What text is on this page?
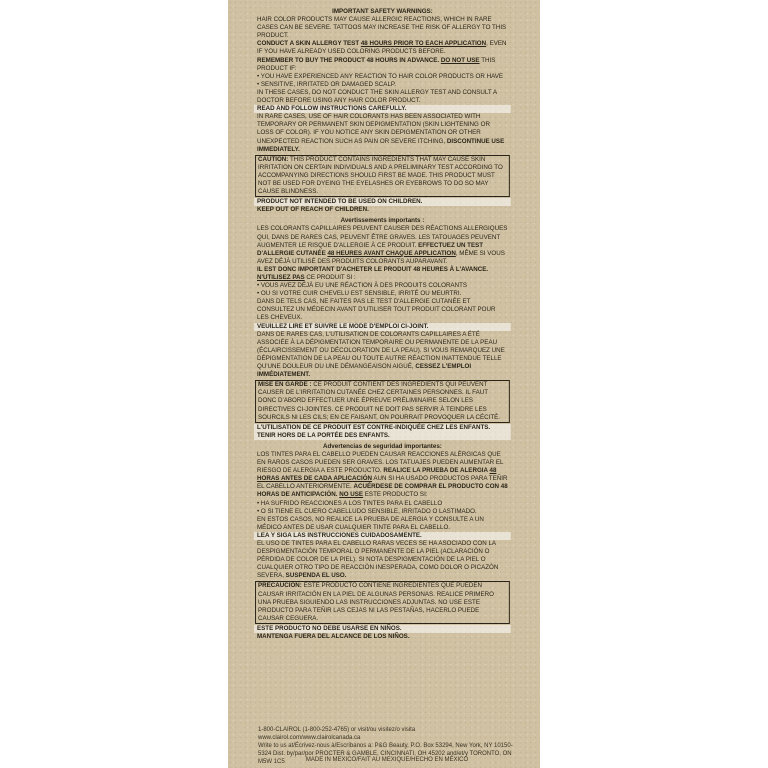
IMPORTANT SAFETY WARNINGS:

HAIR COLOR PRODUCTS MAY CAUSE ALLERGIC REACTIONS, WHICH IN RARE CASES CAN BE SEVERE. TATTOOS MAY INCREASE THE RISK OF ALLERGY TO THIS PRODUCT.

CONDUCT A SKIN ALLERGY TEST 48 HOURS PRIOR TO EACH APPLICATION, EVEN IF YOU HAVE ALREADY USED COLORING PRODUCTS BEFORE.

REMEMBER TO BUY THE PRODUCT 48 HOURS IN ADVANCE. DO NOT USE THIS PRODUCT IF:

• YOU HAVE EXPERIENCED ANY REACTION TO HAIR COLOR PRODUCTS OR HAVE

• SENSITIVE, IRRITATED OR DAMAGED SCALP.

IN THESE CASES, DO NOT CONDUCT THE SKIN ALLERGY TEST AND CONSULT A DOCTOR BEFORE USING ANY HAIR COLOR PRODUCT.

READ AND FOLLOW INSTRUCTIONS CAREFULLY.

IN RARE CASES, USE OF HAIR COLORANTS HAS BEEN ASSOCIATED WITH TEMPORARY OR PERMANENT SKIN DEPIGMENTATION (SKIN LIGHTENING OR LOSS OF COLOR). IF YOU NOTICE ANY SKIN DEPIGMENTATION OR OTHER UNEXPECTED REACTION SUCH AS PAIN OR SEVERE ITCHING, DISCONTINUE USE IMMEDIATELY.

CAUTION: THIS PRODUCT CONTAINS INGREDIENTS THAT MAY CAUSE SKIN IRRITATION ON CERTAIN INDIVIDUALS AND A PRELIMINARY TEST ACCORDING TO ACCOMPANYING DIRECTIONS SHOULD FIRST BE MADE. THIS PRODUCT MUST NOT BE USED FOR DYEING THE EYELASHES OR EYEBROWS TO DO SO MAY CAUSE BLINDNESS.

PRODUCT NOT INTENDED TO BE USED ON CHILDREN.

KEEP OUT OF REACH OF CHILDREN.

Avertissements importants :

LES COLORANTS CAPILLAIRES PEUVENT CAUSER DES RÉACTIONS ALLERGIQUES QUI, DANS DE RARES CAS, PEUVENT ÊTRE GRAVES. LES TATOUAGES PEUVENT AUGMENTER LE RISQUE D'ALLERGIE À CE PRODUIT. EFFECTUEZ UN TEST D'ALLERGIE CUTANÉE 48 HEURES AVANT CHAQUE APPLICATION, MÊME SI VOUS AVEZ DÉJÀ UTILISÉ DES PRODUITS COLORANTS AUPARAVANT.

IL EST DONC IMPORTANT D'ACHETER LE PRODUIT 48 HEURES À L'AVANCE.

N'UTILISEZ PAS CE PRODUIT SI :

• VOUS AVEZ DÉJÀ EU UNE RÉACTION À DES PRODUITS COLORANTS

• OU SI VOTRE CUIR CHEVELU EST SENSIBLE, IRRITÉ OU MEURTRI.

DANS DE TELS CAS, NE FAITES PAS LE TEST D'ALLERGIE CUTANÉE ET CONSULTEZ UN MÉDECIN AVANT D'UTILISER TOUT PRODUIT COLORANT POUR LES CHEVEUX.

VEUILLEZ LIRE ET SUIVRE LE MODE D'EMPLOI CI-JOINT.

DANS DE RARES CAS, L'UTILISATION DE COLORANTS CAPILLAIRES A ÉTÉ ASSOCIÉE À LA DÉPIGMENTATION TEMPORAIRE OU PERMANENTE DE LA PEAU (ÉCLAIRCISSEMENT OU DÉCOLORATION DE LA PEAU). SI VOUS REMARQUEZ UNE DÉPIGMENTATION DE LA PEAU OU TOUTE AUTRE RÉACTION INATTENDUE TELLE QU'UNE DOULEUR OU UNE DÉMANGEAISON AIGUË, CESSEZ L'EMPLOI IMMÉDIATEMENT.

MISE EN GARDE : CE PRODUIT CONTIENT DES INGRÉDIENTS QUI PEUVENT CAUSER DE L'IRRITATION CUTANÉE CHEZ CERTAINES PERSONNES. IL FAUT DONC D'ABORD EFFECTUER UNE ÉPREUVE PRÉLIMINAIRE SELON LES DIRECTIVES CI-JOINTES. CE PRODUIT NE DOIT PAS SERVIR À TEINDRE LES SOURCILS NI LES CILS; EN CE FAISANT, ON POURRAIT PROVOQUER LA CÉCITÉ.

L'UTILISATION DE CE PRODUIT EST CONTRE-INDIQUÉE CHEZ LES ENFANTS. TENIR HORS DE LA PORTÉE DES ENFANTS.

Advertencias de seguridad importantes:

LOS TINTES PARA EL CABELLO PUEDEN CAUSAR REACCIONES ALÉRGICAS QUE EN RAROS CASOS PUEDEN SER GRAVES. LOS TATUAJES PUEDEN AUMENTAR EL RIESGO DE ALERGIA A ESTE PRODUCTO. REALICE LA PRUEBA DE ALERGIA 48 HORAS ANTES DE CADA APLICACIÓN AUN SI HA USADO PRODUCTOS PARA TEÑIR EL CABELLO ANTERIORMENTE. ACUÉRDESE DE COMPRAR EL PRODUCTO CON 48 HORAS DE ANTICIPACIÓN. NO USE ESTE PRODUCTO SI:

• HA SUFRIDO REACCIONES A LOS TINTES PARA EL CABELLO

• O SI TIENE EL CUERO CABELLUDO SENSIBLE, IRRITADO O LASTIMADO.

EN ESTOS CASOS, NO REALICE LA PRUEBA DE ALERGIA Y CONSULTE A UN MÉDICO ANTES DE USAR CUALQUIER TINTE PARA EL CABELLO.

LEA Y SIGA LAS INSTRUCCIONES CUIDADOSAMENTE.

EL USO DE TINTES PARA EL CABELLO RARAS VECES SE HA ASOCIADO CON LA DESPIGMENTACIÓN TEMPORAL O PERMANENTE DE LA PIEL (ACLARACIÓN O PÉRDIDA DE COLOR DE LA PIEL). SI NOTA DESPIGMENTACIÓN DE LA PIEL O CUALQUIER OTRO TIPO DE REACCIÓN INESPERADA, COMO DOLOR O PICAZÓN SEVERA, SUSPENDA EL USO.

PRECAUCIÓN: ESTE PRODUCTO CONTIENE INGREDIENTES QUE PUEDEN CAUSAR IRRITACIÓN EN LA PIEL DE ALGUNAS PERSONAS. REALICE PRIMERO UNA PRUEBA SIGUIENDO LAS INSTRUCCIONES ADJUNTAS. NO USE ESTE PRODUCTO PARA TEÑIR LAS CEJAS NI LAS PESTAÑAS, HACERLO PUEDE CAUSAR CEGUERA.

ESTE PRODUCTO NO DEBE USARSE EN NIÑOS.

MANTENGA FUERA DEL ALCANCE DE LOS NIÑOS.

1-800-CLAIROL (1-800-252-4765) or visit/ou visitez/o visita www.clairol.com/www.clairolcanada.ca
Write to us at/Écrivez-nous à/Escríbanos a: P&G Beauty, P.O. Box 53294, New York, NY 10150-5324 Dist. by/par/por PROCTER & GAMBLE, CINCINNATI, OH 45202 and/et/y TORONTO, ON M5W 1C5	MADE IN MEXICO/FAIT AU MEXIQUE/HECHO EN MÉXICO
